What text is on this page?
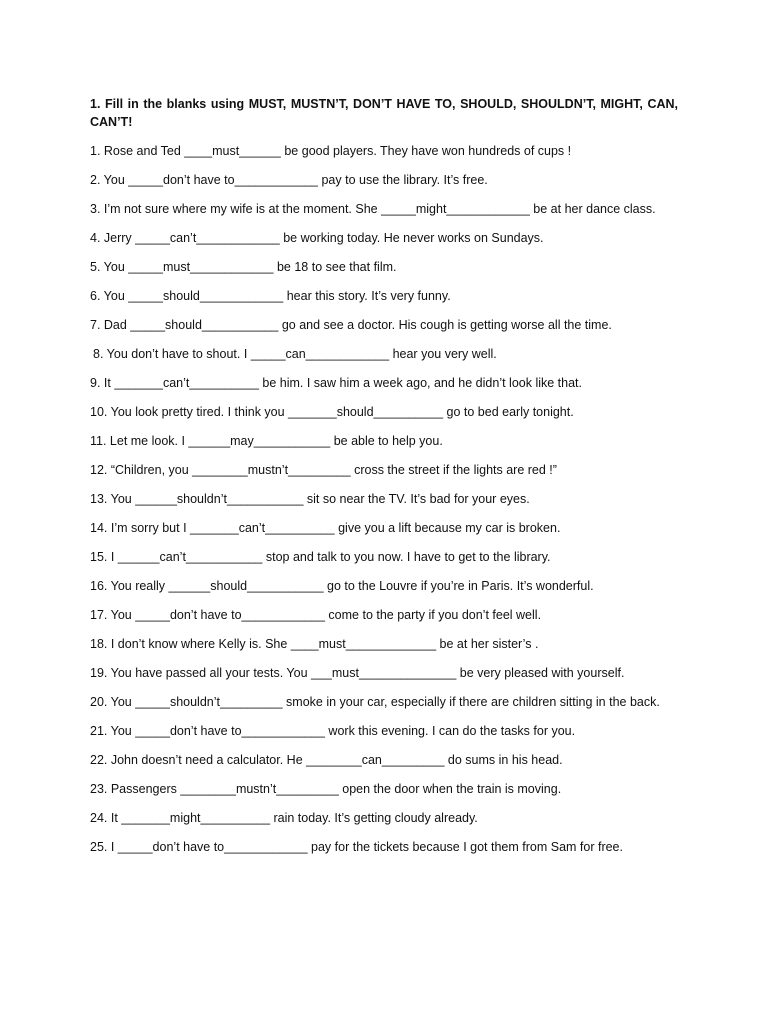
1. Fill in the blanks using MUST, MUSTN’T, DON’T HAVE TO, SHOULD, SHOULDN’T, MIGHT, CAN, CAN’T!

1. Rose and Ted ____must______ be good players. They have won hundreds of cups !
2. You _____don’t have to____________ pay to use the library. It’s free.
3. I’m not sure where my wife is at the moment. She _____might____________ be at her dance class.
4. Jerry _____can’t____________ be working today. He never works on Sundays.
5. You _____must____________ be 18 to see that film.
6. You _____should____________ hear this story. It’s very funny.
7. Dad _____should___________ go and see a doctor. His cough is getting worse all the time.
8. You don’t have to shout. I _____can____________ hear you very well.
9. It _______can’t__________ be him. I saw him a week ago, and he didn’t look like that.
10. You look pretty tired. I think you _______should__________ go to bed early tonight.
11. Let me look. I ______may___________ be able to help you.
12. “Children, you ________mustn’t_________ cross the street if the lights are red !”
13. You ______shouldn’t___________ sit so near the TV. It’s bad for your eyes.
14. I’m sorry but I _______can’t__________ give you a lift because my car is broken.
15. I ______can’t___________ stop and talk to you now. I have to get to the library.
16. You really ______should___________ go to the Louvre if you’re in Paris. It’s wonderful.
17. You _____don’t have to____________ come to the party if you don’t feel well.
18. I don’t know where Kelly is. She ____must_____________ be at her sister’s .
19. You have passed all your tests. You ___must______________ be very pleased with yourself.
20. You _____shouldn’t_________ smoke in your car, especially if there are children sitting in the back.
21. You _____don’t have to____________ work this evening. I can do the tasks for you.
22. John doesn’t need a calculator. He ________can_________ do sums in his head.
23. Passengers ________mustn’t_________ open the door when the train is moving.
24. It _______might__________ rain today. It’s getting cloudy already.
25. I _____don’t have to____________ pay for the tickets because I got them from Sam for free.
